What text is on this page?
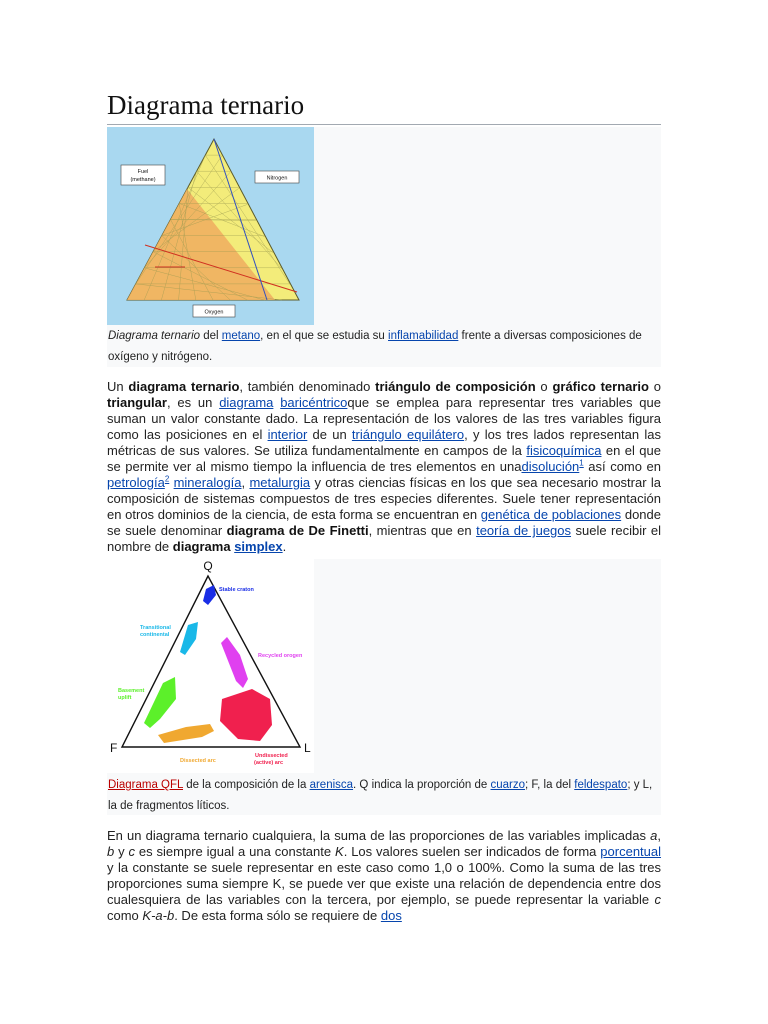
Diagrama ternario
Fuel
(methane)	Nitrogen
Oxygen
Diagrama ternario del metano, en el que se estudia su inflamabilidad frente a diversas composiciones de oxígeno y nitrógeno.
Un diagrama ternario, también denominado triángulo de composición o gráfico ternario o triangular, es un diagrama baricéntricoque se emplea para representar tres variables que suman un valor constante dado. La representación de los valores de las tres variables figura como las posiciones en el interior de un triángulo equilátero, y los tres lados representan las métricas de sus valores. Se utiliza fundamentalmente en campos de la fisicoquímica en el que se permite ver al mismo tiempo la influencia de tres elementos en unadisolución$^1$ así como en petrología$^2$ mineralogía, metalurgia y otras ciencias físicas en los que sea necesario mostrar la composición de sistemas compuestos de tres especies diferentes. Suele tener representación en otros dominios de la ciencia, de esta forma se encuentran en genética de poblaciones donde se suele denominar diagrama de De Finetti, mientras que en teoría de juegos suele recibir el nombre de diagrama simplex.
Q
F	L
Stable craton
Transitional
continental
Recycled orogen
Basement
uplift
Dissected arc
Undissected
(active) arc
Diagrama QFL de la composición de la arenisca. Q indica la proporción de cuarzo; F, la del feldespato; y L, la de fragmentos líticos.
En un diagrama ternario cualquiera, la suma de las proporciones de las variables implicadas a, b y c es siempre igual a una constante K. Los valores suelen ser indicados de forma porcentual y la constante se suele representar en este caso como 1,0 o 100%. Como la suma de las tres proporciones suma siempre K, se puede ver que existe una relación de dependencia entre dos cualesquiera de las variables con la tercera, por ejemplo, se puede representar la variable c como K-a-b. De esta forma sólo se requiere de dos
